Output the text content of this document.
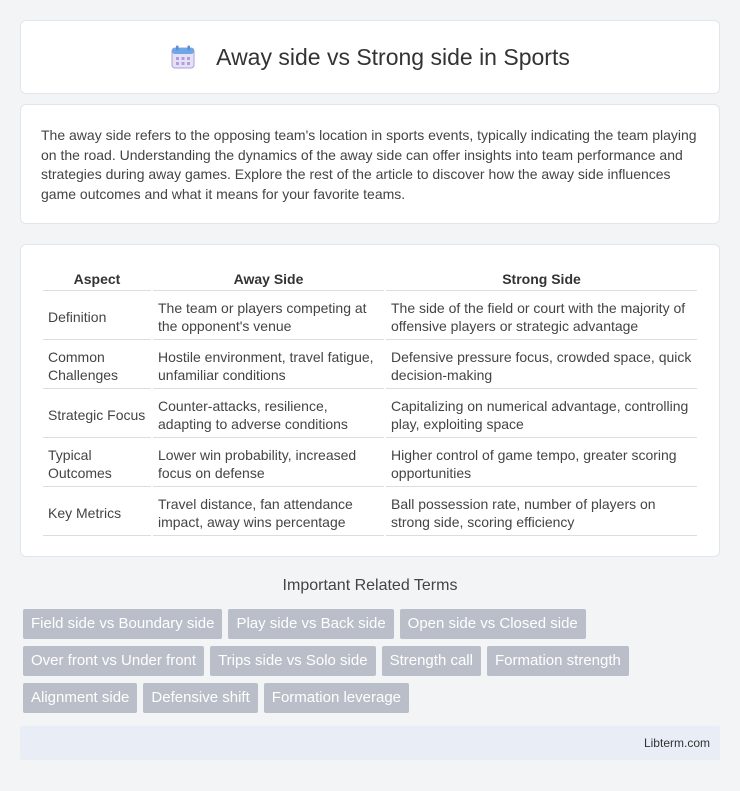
Away side vs Strong side in Sports

The away side refers to the opposing team's location in sports events, typically indicating the team playing on the road. Understanding the dynamics of the away side can offer insights into team performance and strategies during away games. Explore the rest of the article to discover how the away side influences game outcomes and what it means for your favorite teams.

Aspect	Away Side	Strong Side
Definition	The team or players competing at the opponent's venue	The side of the field or court with the majority of offensive players or strategic advantage
Common Challenges	Hostile environment, travel fatigue, unfamiliar conditions	Defensive pressure focus, crowded space, quick decision-making
Strategic Focus	Counter-attacks, resilience, adapting to adverse conditions	Capitalizing on numerical advantage, controlling play, exploiting space
Typical Outcomes	Lower win probability, increased focus on defense	Higher control of game tempo, greater scoring opportunities
Key Metrics	Travel distance, fan attendance impact, away wins percentage	Ball possession rate, number of players on strong side, scoring efficiency
Important Related Terms
Field side vs Boundary side	Play side vs Back side	Open side vs Closed side
Over front vs Under front	Trips side vs Solo side	Strength call	Formation strength
Alignment side	Defensive shift	Formation leverage
Libterm.com
